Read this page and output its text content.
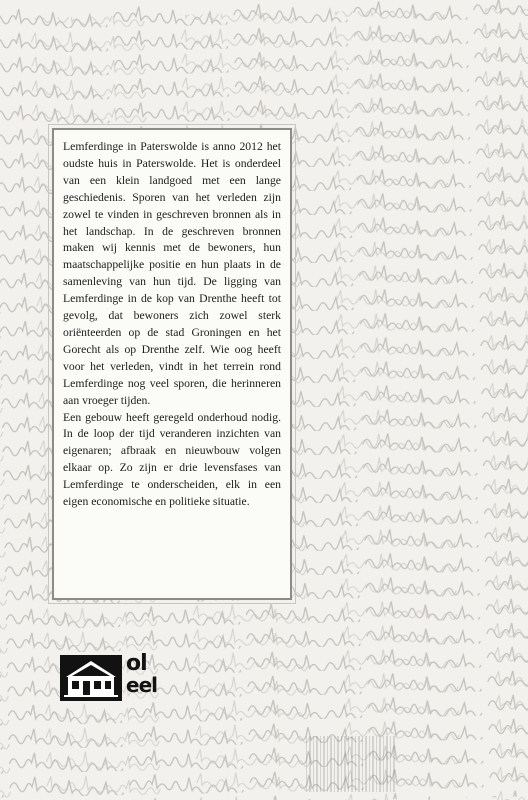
Lemferdinge in Paterswolde is anno 2012 het oudste huis in Paterswolde. Het is onderdeel van een klein landgoed met een lange geschiedenis. Sporen van het verleden zijn zowel te vinden in geschreven bronnen als in het landschap. In de geschreven bronnen maken wij kennis met de bewoners, hun maatschappelijke positie en hun plaats in de samenleving van hun tijd. De ligging van Lemferdinge in de kop van Drenthe heeft tot gevolg, dat bewoners zich zowel sterk oriënteerden op de stad Groningen en het Gorecht als op Drenthe zelf. Wie oog heeft voor het verleden, vindt in het terrein rond Lemferdinge nog veel sporen, die herinneren aan vroeger tijden.

Een gebouw heeft geregeld onderhoud nodig. In de loop der tijd veranderen inzichten van eigenaren; afbraak en nieuwbouw volgen elkaar op. Zo zijn er drie levensfases van Lemferdinge te onderscheiden, elk in een eigen economische en politieke situatie.

ol
eel
